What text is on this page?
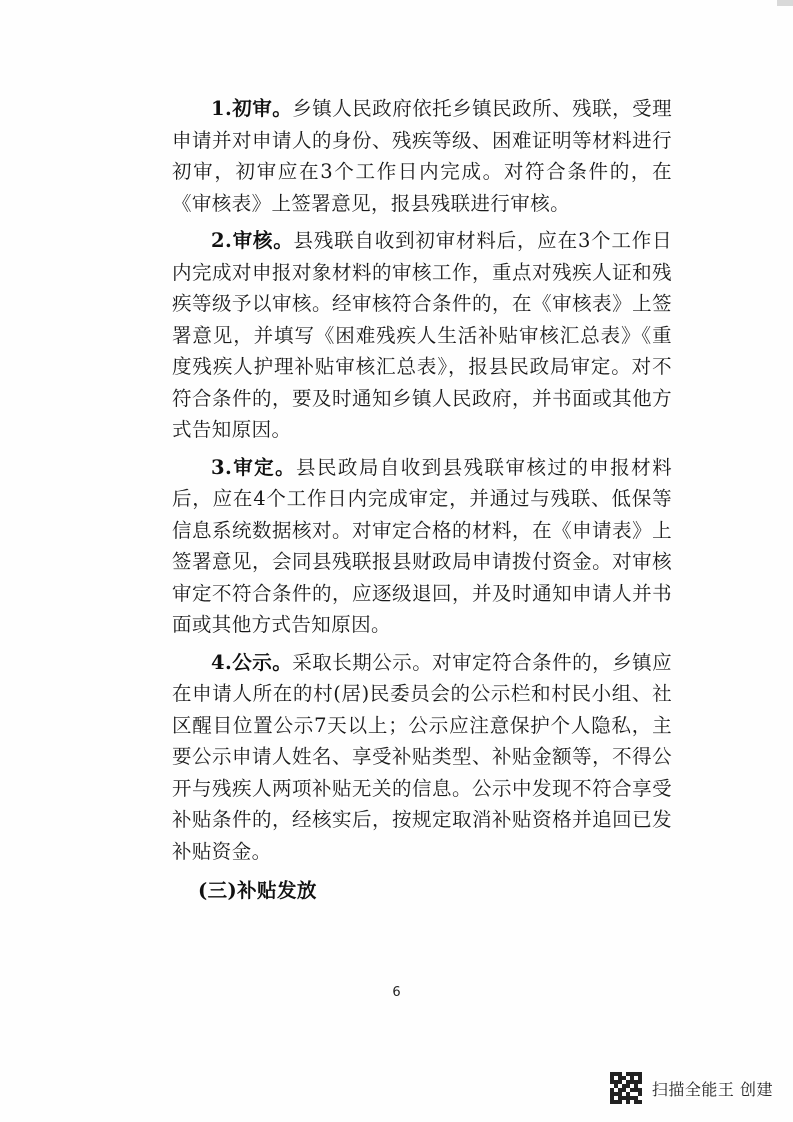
1.初审。乡镇人民政府依托乡镇民政所、残联，受理申请并对申请人的身份、残疾等级、困难证明等材料进行初审，初审应在3个工作日内完成。对符合条件的，在《审核表》上签署意见，报县残联进行审核。

2.审核。县残联自收到初审材料后，应在3个工作日内完成对申报对象材料的审核工作，重点对残疾人证和残疾等级予以审核。经审核符合条件的，在《审核表》上签署意见，并填写《困难残疾人生活补贴审核汇总表》《重度残疾人护理补贴审核汇总表》，报县民政局审定。对不符合条件的，要及时通知乡镇人民政府，并书面或其他方式告知原因。

3.审定。县民政局自收到县残联审核过的申报材料后，应在4个工作日内完成审定，并通过与残联、低保等信息系统数据核对。对审定合格的材料，在《申请表》上签署意见，会同县残联报县财政局申请拨付资金。对审核审定不符合条件的，应逐级退回，并及时通知申请人并书面或其他方式告知原因。

4.公示。采取长期公示。对审定符合条件的，乡镇应在申请人所在的村(居)民委员会的公示栏和村民小组、社区醒目位置公示7天以上；公示应注意保护个人隐私，主要公示申请人姓名、享受补贴类型、补贴金额等，不得公开与残疾人两项补贴无关的信息。公示中发现不符合享受补贴条件的，经核实后，按规定取消补贴资格并追回已发补贴资金。

(三)补贴发放

6
扫描全能王 创建
